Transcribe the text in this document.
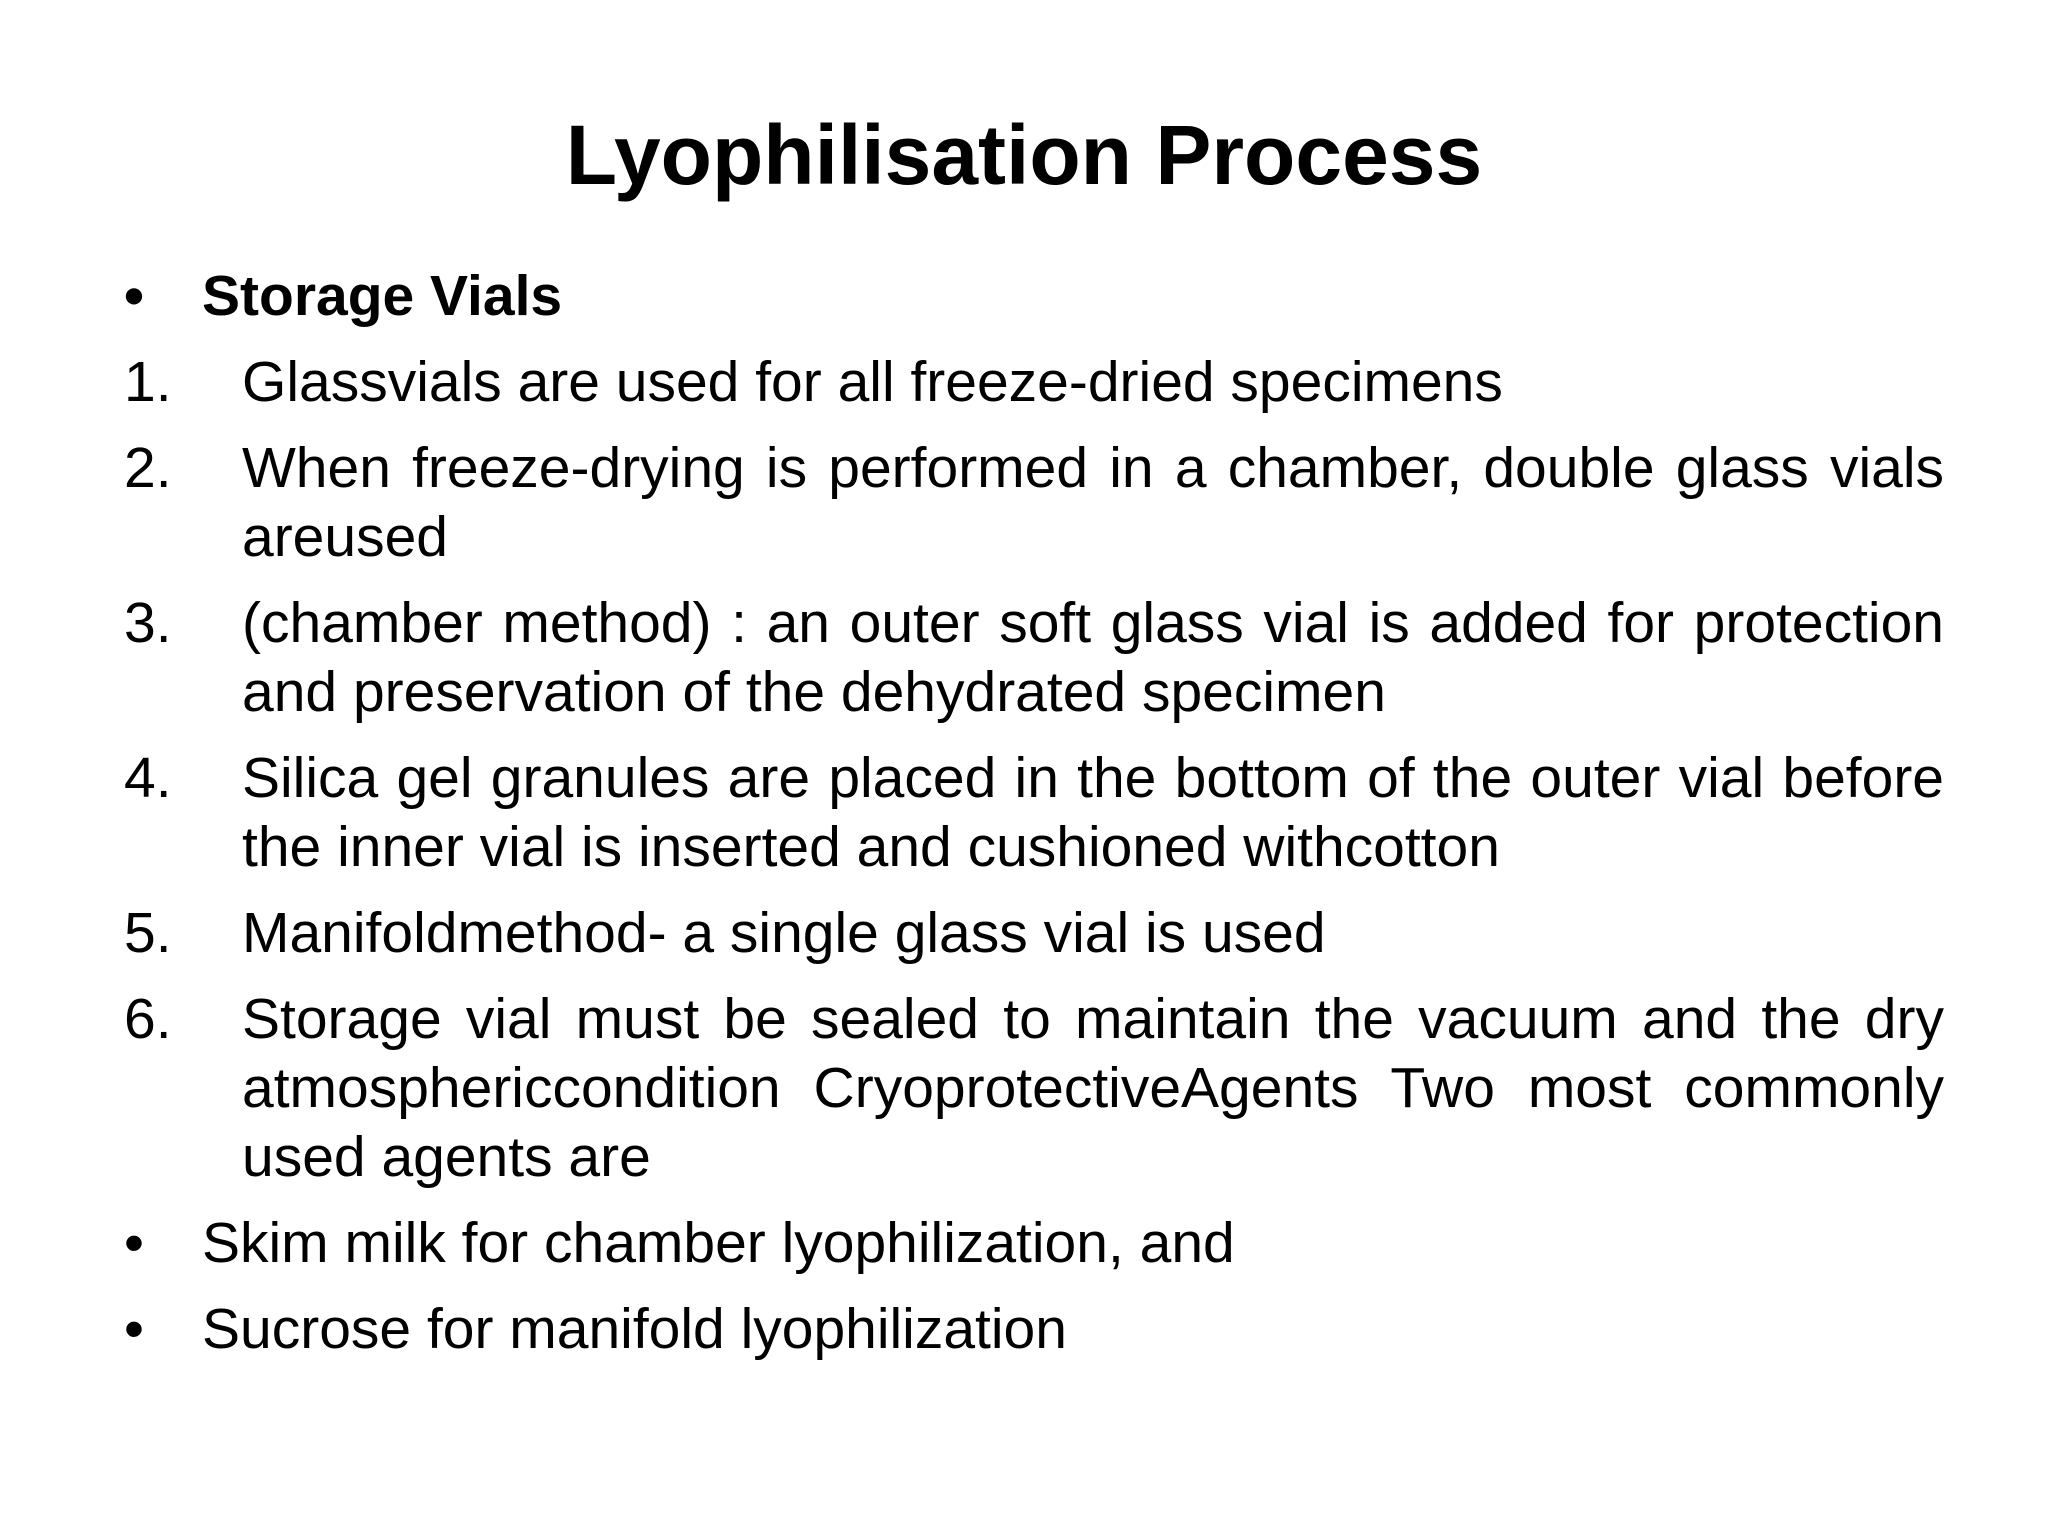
Lyophilisation Process
• Storage Vials
1. Glassvials are used for all freeze-dried specimens
2. When freeze-drying is performed in a chamber, double glass vials areused
3. (chamber method) : an outer soft glass vial is added for protection and preservation of the dehydrated specimen
4. Silica gel granules are placed in the bottom of the outer vial before the inner vial is inserted and cushioned withcotton
5. Manifoldmethod- a single glass vial is used
6. Storage vial must be sealed to maintain the vacuum and the dry atmosphericcondition CryoprotectiveAgents Two most commonly used agents are
• Skim milk for chamber lyophilization, and
• Sucrose for manifold lyophilization
